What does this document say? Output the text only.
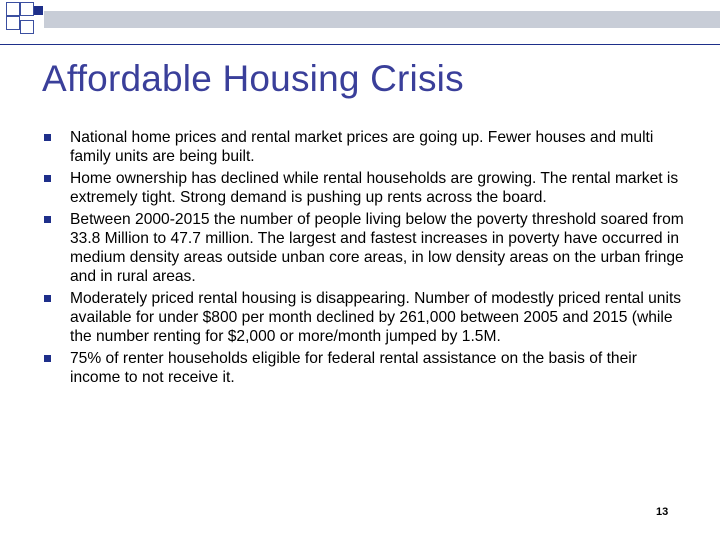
Affordable Housing Crisis
National home prices and rental market prices are going up. Fewer houses and multi family units are being built.
Home ownership has declined while rental households are growing. The rental market is extremely tight. Strong demand is pushing up rents across the board.
Between 2000-2015 the number of people living below the poverty threshold soared from 33.8 Million to 47.7 million. The largest and fastest increases in poverty have occurred in medium density areas outside unban core areas, in low density areas on the urban fringe and in rural areas.
Moderately priced rental housing is disappearing. Number of modestly priced rental units available for under $800 per month declined by 261,000 between 2005 and 2015 (while the number renting for $2,000 or more/month jumped by 1.5M.
75% of renter households eligible for federal rental assistance on the basis of their income to not receive it.
13
